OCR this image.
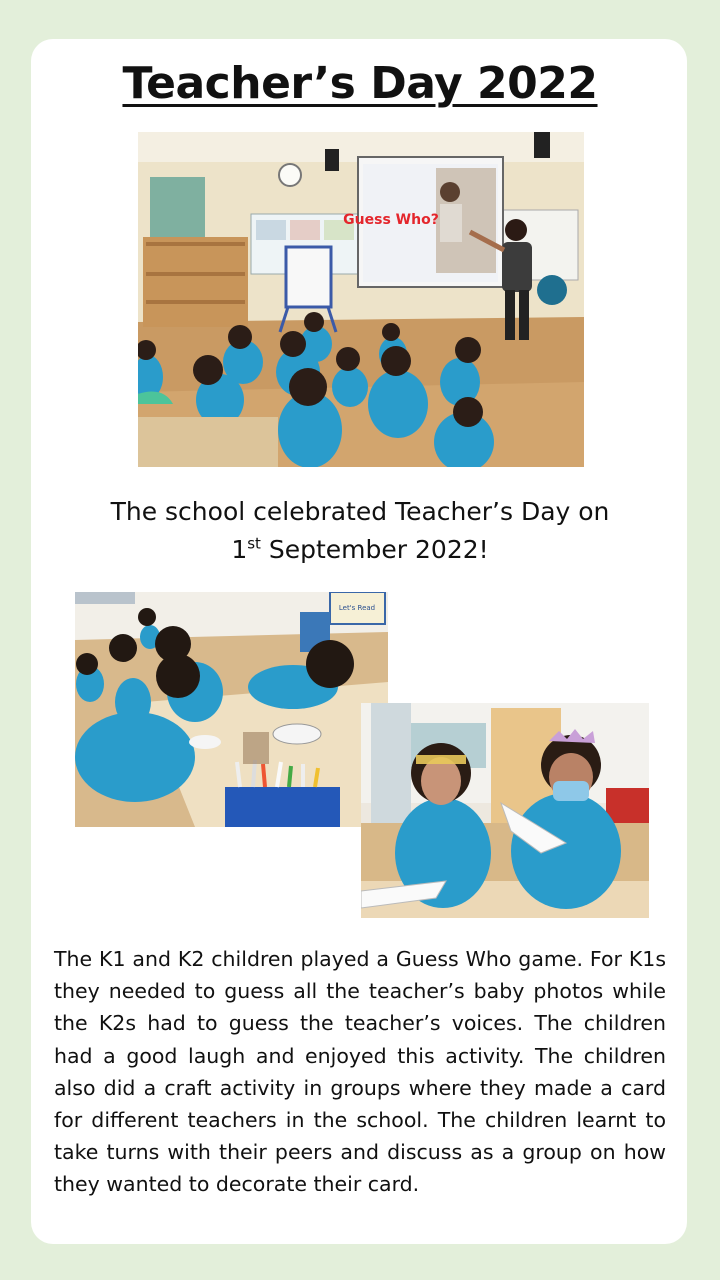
Teacher’s Day 2022
Guess Who?
The school celebrated Teacher’s Day on
1st September 2022!
Let's Read

The K1 and K2 children played a Guess Who game. For K1s they needed to guess all the teacher’s baby photos while the K2s had to guess the teacher’s voices. The children had a good laugh and enjoyed this activity. The children also did a craft activity in groups where they made a card for different teachers in the school. The children learnt to take turns with their peers and discuss as a group on how they wanted to decorate their card.
